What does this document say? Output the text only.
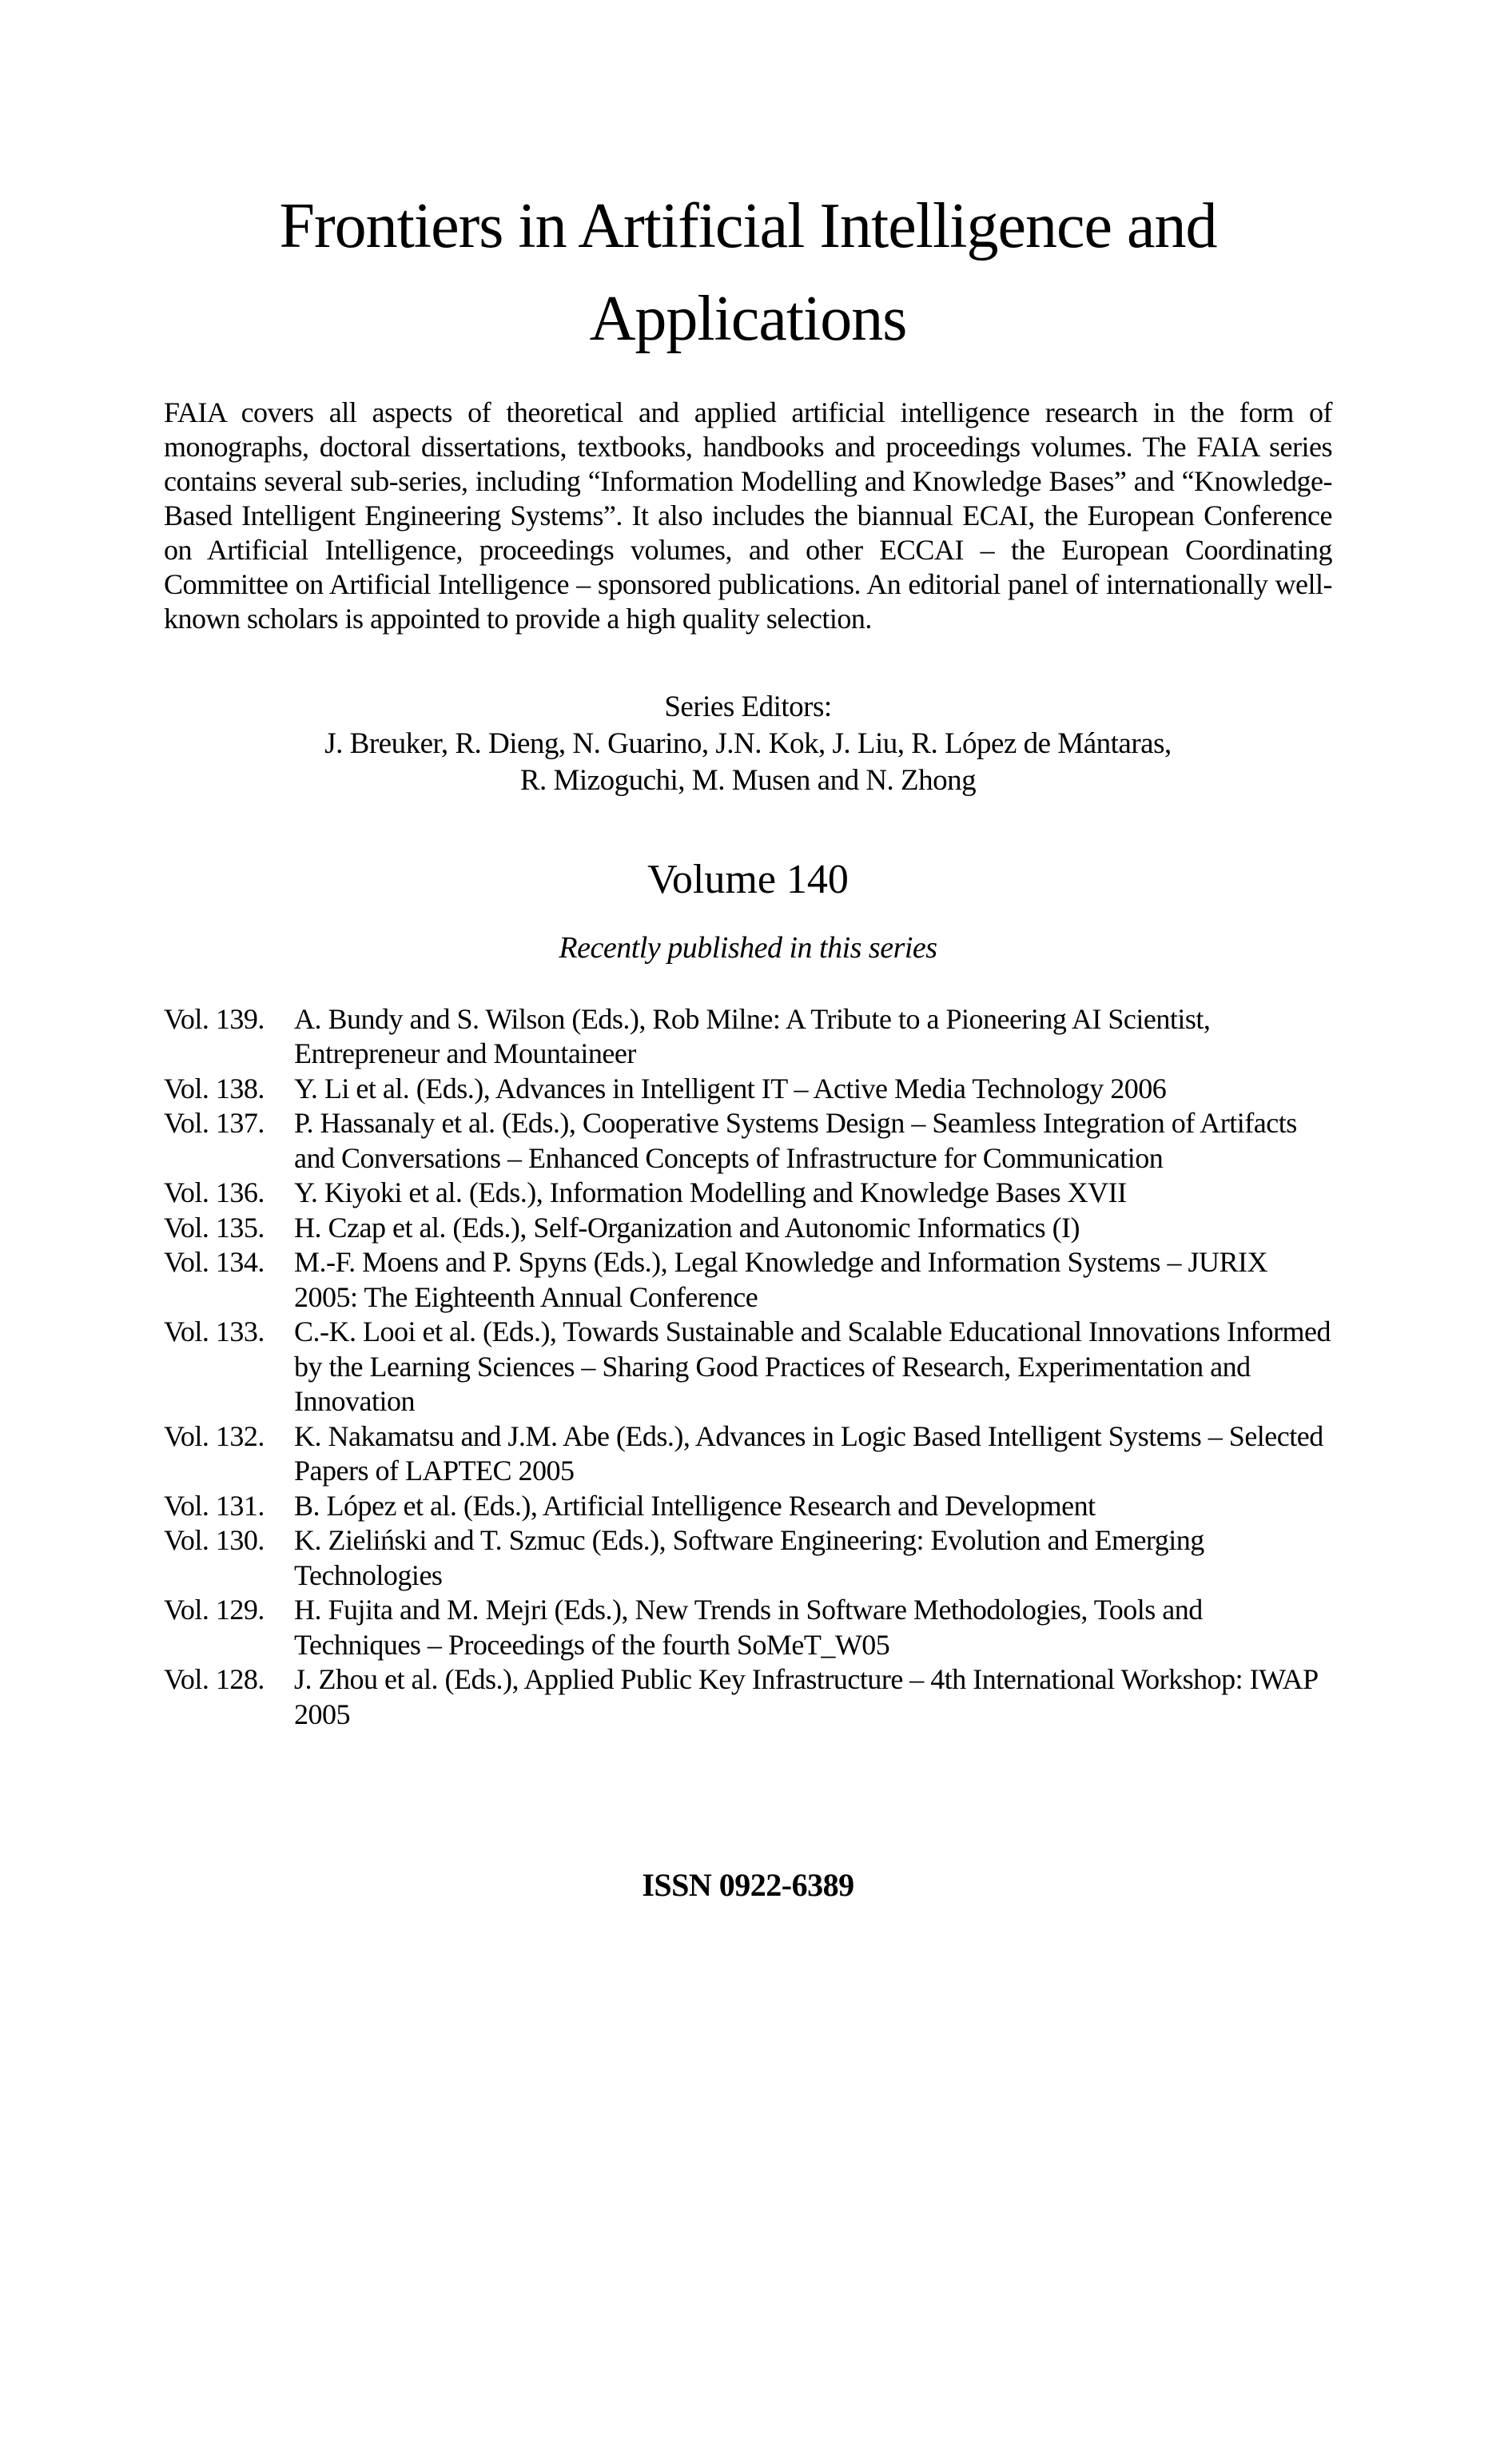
Frontiers in Artificial Intelligence and Applications

FAIA covers all aspects of theoretical and applied artificial intelligence research in the form of monographs, doctoral dissertations, textbooks, handbooks and proceedings volumes. The FAIA series contains several sub-series, including “Information Modelling and Knowledge Bases” and “Knowledge-Based Intelligent Engineering Systems”. It also includes the biannual ECAI, the European Conference on Artificial Intelligence, proceedings volumes, and other ECCAI – the European Coordinating Committee on Artificial Intelligence – sponsored publications. An editorial panel of internationally well-known scholars is appointed to provide a high quality selection.

Series Editors:
J. Breuker, R. Dieng, N. Guarino, J.N. Kok, J. Liu, R. López de Mántaras,
R. Mizoguchi, M. Musen and N. Zhong
Volume 140
Recently published in this series
Vol. 139. A. Bundy and S. Wilson (Eds.), Rob Milne: A Tribute to a Pioneering AI Scientist, Entrepreneur and Mountaineer
Vol. 138. Y. Li et al. (Eds.), Advances in Intelligent IT – Active Media Technology 2006
Vol. 137. P. Hassanaly et al. (Eds.), Cooperative Systems Design – Seamless Integration of Artifacts and Conversations – Enhanced Concepts of Infrastructure for Communication
Vol. 136. Y. Kiyoki et al. (Eds.), Information Modelling and Knowledge Bases XVII
Vol. 135. H. Czap et al. (Eds.), Self-Organization and Autonomic Informatics (I)
Vol. 134. M.-F. Moens and P. Spyns (Eds.), Legal Knowledge and Information Systems – JURIX 2005: The Eighteenth Annual Conference
Vol. 133. C.-K. Looi et al. (Eds.), Towards Sustainable and Scalable Educational Innovations Informed by the Learning Sciences – Sharing Good Practices of Research, Experimentation and Innovation
Vol. 132. K. Nakamatsu and J.M. Abe (Eds.), Advances in Logic Based Intelligent Systems – Selected Papers of LAPTEC 2005
Vol. 131. B. López et al. (Eds.), Artificial Intelligence Research and Development
Vol. 130. K. Zieliński and T. Szmuc (Eds.), Software Engineering: Evolution and Emerging Technologies
Vol. 129. H. Fujita and M. Mejri (Eds.), New Trends in Software Methodologies, Tools and Techniques – Proceedings of the fourth SoMeT_W05
Vol. 128. J. Zhou et al. (Eds.), Applied Public Key Infrastructure – 4th International Workshop: IWAP 2005
ISSN 0922-6389
